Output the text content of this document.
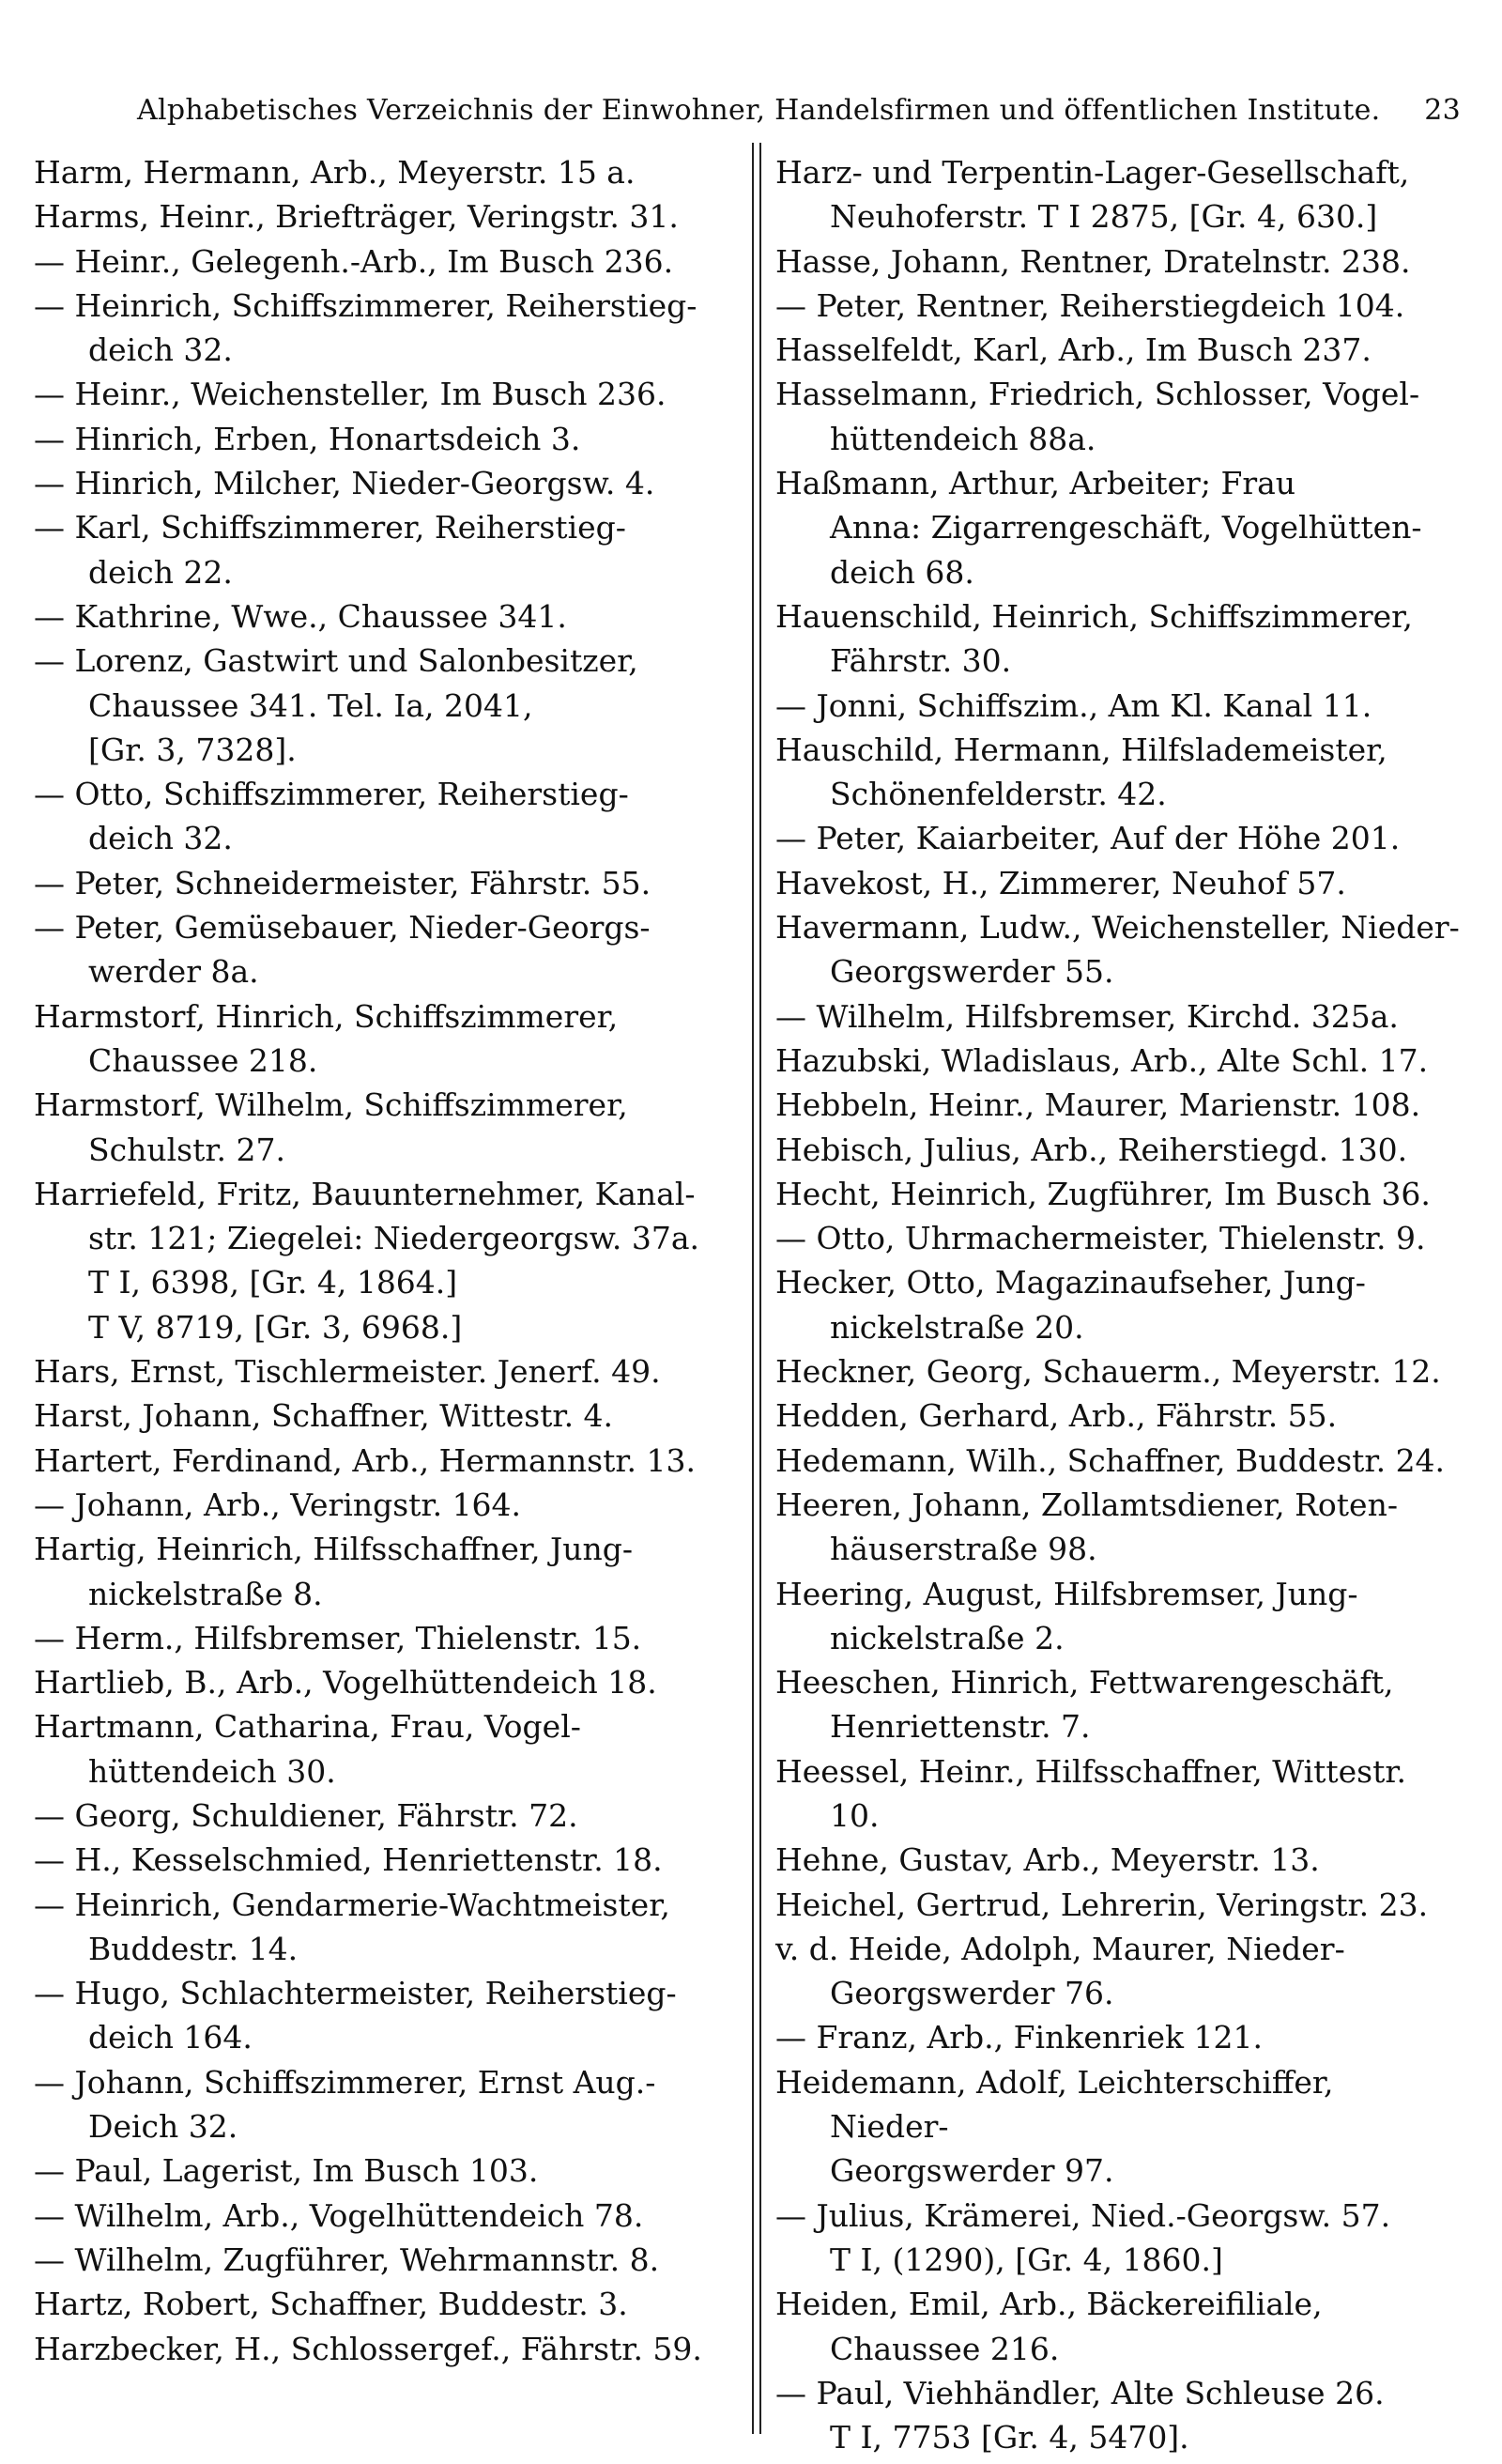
Alphabetisches Verzeichnis der Einwohner, Handelsfirmen und öffentlichen Institute. 23

Harm, Hermann, Arb., Meyerstr. 15 a.

Harms, Heinr., Briefträger, Veringstr. 31.

— Heinr., Gelegenh.-Arb., Im Busch 236.

— Heinrich, Schiffszimmerer, Reiherstieg-
deich 32.

— Heinr., Weichensteller, Im Busch 236.

— Hinrich, Erben, Honartsdeich 3.

— Hinrich, Milcher, Nieder-Georgsw. 4.

— Karl, Schiffszimmerer, Reiherstieg-
deich 22.

— Kathrine, Wwe., Chaussee 341.

— Lorenz, Gastwirt und Salonbesitzer,
Chaussee 341. Tel. Ia, 2041,
[Gr. 3, 7328].

— Otto, Schiffszimmerer, Reiherstieg-
deich 32.

— Peter, Schneidermeister, Fährstr. 55.

— Peter, Gemüsebauer, Nieder-Georgs-
werder 8a.

Harmstorf, Hinrich, Schiffszimmerer,
Chaussee 218.

Harmstorf, Wilhelm, Schiffszimmerer,
Schulstr. 27.

Harriefeld, Fritz, Bauunternehmer, Kanal-
str. 121; Ziegelei: Niedergeorgsw. 37a.
T I, 6398, [Gr. 4, 1864.]
T V, 8719, [Gr. 3, 6968.]

Hars, Ernst, Tischlermeister. Jenerf. 49.

Harst, Johann, Schaffner, Wittestr. 4.

Hartert, Ferdinand, Arb., Hermannstr. 13.

— Johann, Arb., Veringstr. 164.

Hartig, Heinrich, Hilfsschaffner, Jung-
nickelstraße 8.

— Herm., Hilfsbremser, Thielenstr. 15.

Hartlieb, B., Arb., Vogelhüttendeich 18.

Hartmann, Catharina, Frau, Vogel-
hüttendeich 30.

— Georg, Schuldiener, Fährstr. 72.

— H., Kesselschmied, Henriettenstr. 18.

— Heinrich, Gendarmerie-Wachtmeister,
Buddestr. 14.

— Hugo, Schlachtermeister, Reiherstieg-
deich 164.

— Johann, Schiffszimmerer, Ernst Aug.-
Deich 32.

— Paul, Lagerist, Im Busch 103.

— Wilhelm, Arb., Vogelhüttendeich 78.

— Wilhelm, Zugführer, Wehrmannstr. 8.

Hartz, Robert, Schaffner, Buddestr. 3.

Harzbecker, H., Schlossergef., Fährstr. 59.

Harz- und Terpentin-Lager-Gesellschaft,
Neuhoferstr. T I 2875, [Gr. 4, 630.]

Hasse, Johann, Rentner, Dratelnstr. 238.

— Peter, Rentner, Reiherstiegdeich 104.

Hasselfeldt, Karl, Arb., Im Busch 237.

Hasselmann, Friedrich, Schlosser, Vogel-
hüttendeich 88a.

Haßmann, Arthur, Arbeiter; Frau
Anna: Zigarrengeschäft, Vogelhütten-
deich 68.

Hauenschild, Heinrich, Schiffszimmerer,
Fährstr. 30.

— Jonni, Schiffszim., Am Kl. Kanal 11.

Hauschild, Hermann, Hilfslademeister,
Schönenfelderstr. 42.

— Peter, Kaiarbeiter, Auf der Höhe 201.

Havekost, H., Zimmerer, Neuhof 57.

Havermann, Ludw., Weichensteller, Nieder-
Georgswerder 55.

— Wilhelm, Hilfsbremser, Kirchd. 325a.

Hazubski, Wladislaus, Arb., Alte Schl. 17.

Hebbeln, Heinr., Maurer, Marienstr. 108.

Hebisch, Julius, Arb., Reiherstiegd. 130.

Hecht, Heinrich, Zugführer, Im Busch 36.

— Otto, Uhrmachermeister, Thielenstr. 9.

Hecker, Otto, Magazinaufseher, Jung-
nickelstraße 20.

Heckner, Georg, Schauerm., Meyerstr. 12.

Hedden, Gerhard, Arb., Fährstr. 55.

Hedemann, Wilh., Schaffner, Buddestr. 24.

Heeren, Johann, Zollamtsdiener, Roten-
häuserstraße 98.

Heering, August, Hilfsbremser, Jung-
nickelstraße 2.

Heeschen, Hinrich, Fettwarengeschäft,
Henriettenstr. 7.

Heessel, Heinr., Hilfsschaffner, Wittestr. 10.

Hehne, Gustav, Arb., Meyerstr. 13.

Heichel, Gertrud, Lehrerin, Veringstr. 23.

v. d. Heide, Adolph, Maurer, Nieder-
Georgswerder 76.

— Franz, Arb., Finkenriek 121.

Heidemann, Adolf, Leichterschiffer, Nieder-
Georgswerder 97.

— Julius, Krämerei, Nied.-Georgsw. 57.
T I, (1290), [Gr. 4, 1860.]

Heiden, Emil, Arb., Bäckereifiliale,
Chaussee 216.

— Paul, Viehhändler, Alte Schleuse 26.
T I, 7753 [Gr. 4, 5470].
